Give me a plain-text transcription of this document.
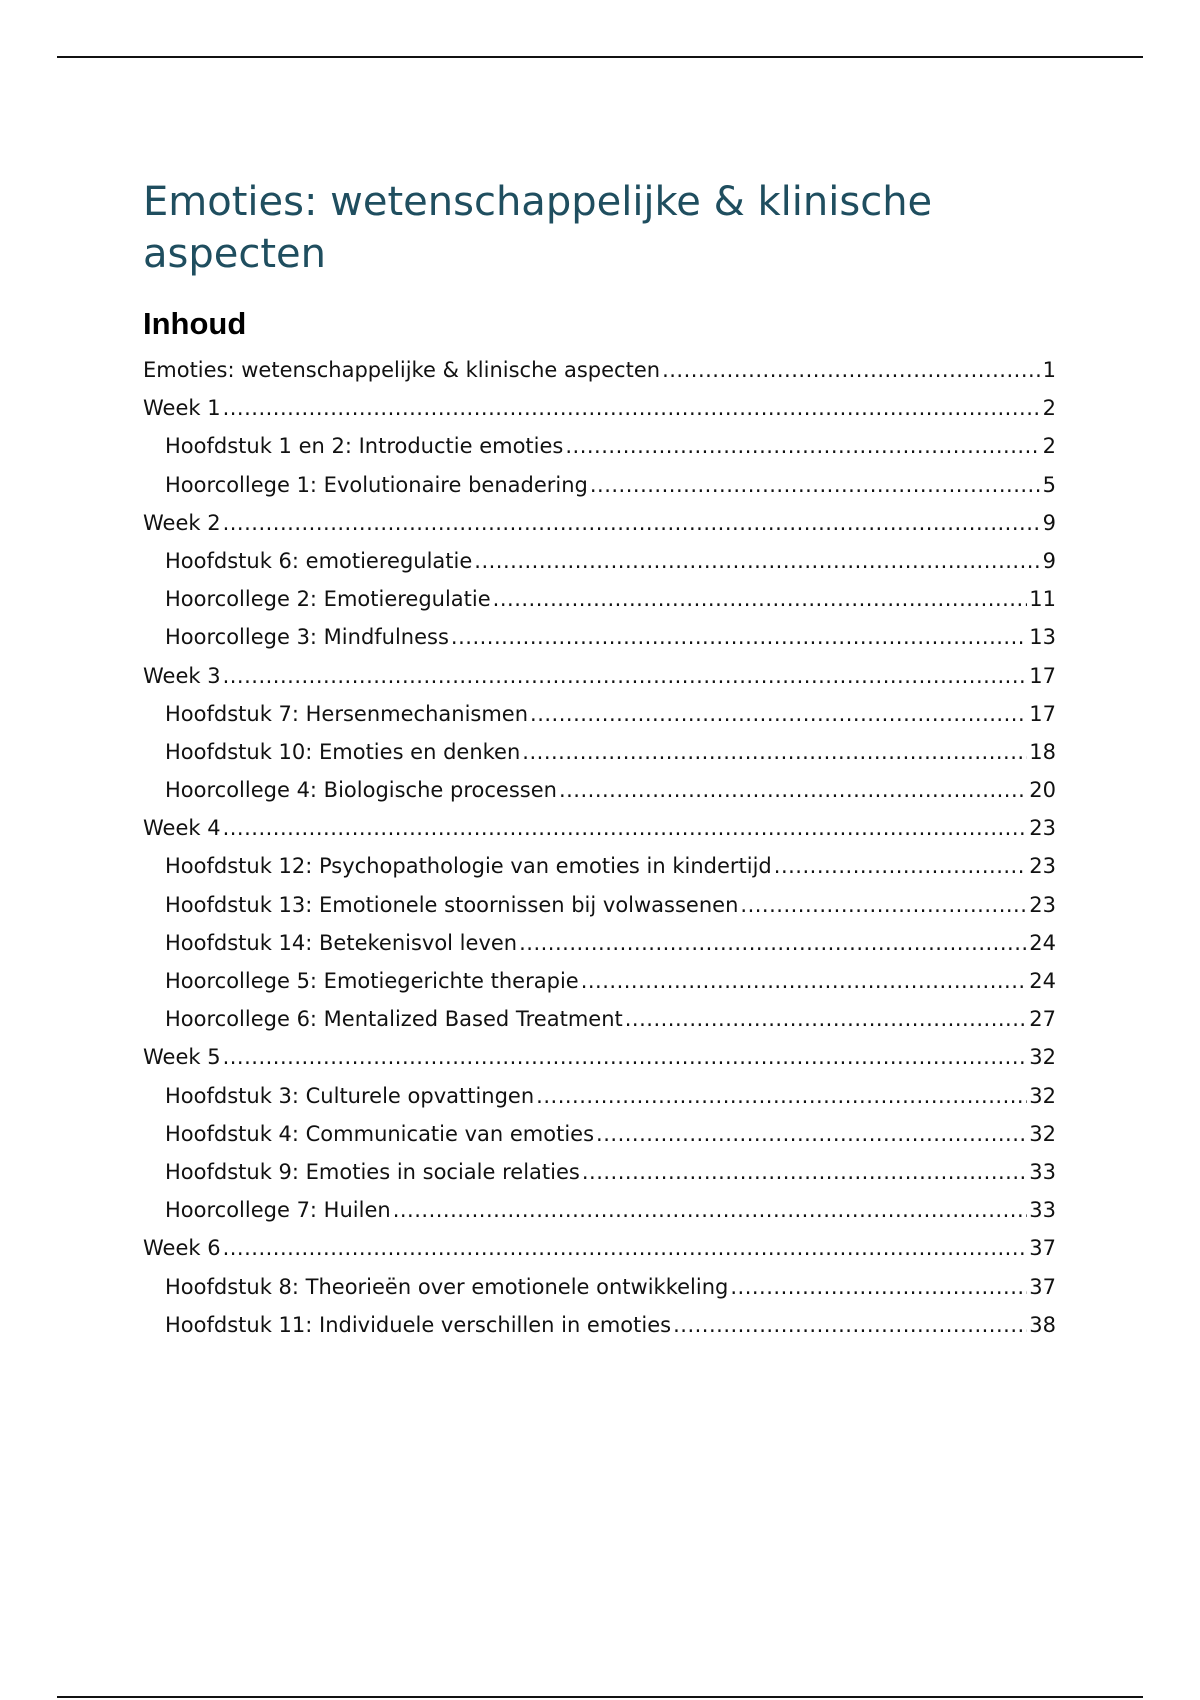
Emoties: wetenschappelijke & klinische aspecten
Inhoud
Emoties: wetenschappelijke & klinische aspecten .....	1
Week 1 .....	2
Hoofdstuk 1 en 2: Introductie emoties .....	2
Hoorcollege 1: Evolutionaire benadering .....	5
Week 2 .....	9
Hoofdstuk 6: emotieregulatie .....	9
Hoorcollege 2: Emotieregulatie .....	11
Hoorcollege 3: Mindfulness .....	13
Week 3 .....	17
Hoofdstuk 7: Hersenmechanismen .....	17
Hoofdstuk 10: Emoties en denken .....	18
Hoorcollege 4: Biologische processen .....	20
Week 4 .....	23
Hoofdstuk 12: Psychopathologie van emoties in kindertijd .....	23
Hoofdstuk 13: Emotionele stoornissen bij volwassenen .....	23
Hoofdstuk 14: Betekenisvol leven .....	24
Hoorcollege 5: Emotiegerichte therapie .....	24
Hoorcollege 6: Mentalized Based Treatment .....	27
Week 5 .....	32
Hoofdstuk 3: Culturele opvattingen .....	32
Hoofdstuk 4: Communicatie van emoties .....	32
Hoofdstuk 9: Emoties in sociale relaties .....	33
Hoorcollege 7: Huilen .....	33
Week 6 .....	37
Hoofdstuk 8: Theorieën over emotionele ontwikkeling .....	37
Hoofdstuk 11: Individuele verschillen in emoties .....	38
